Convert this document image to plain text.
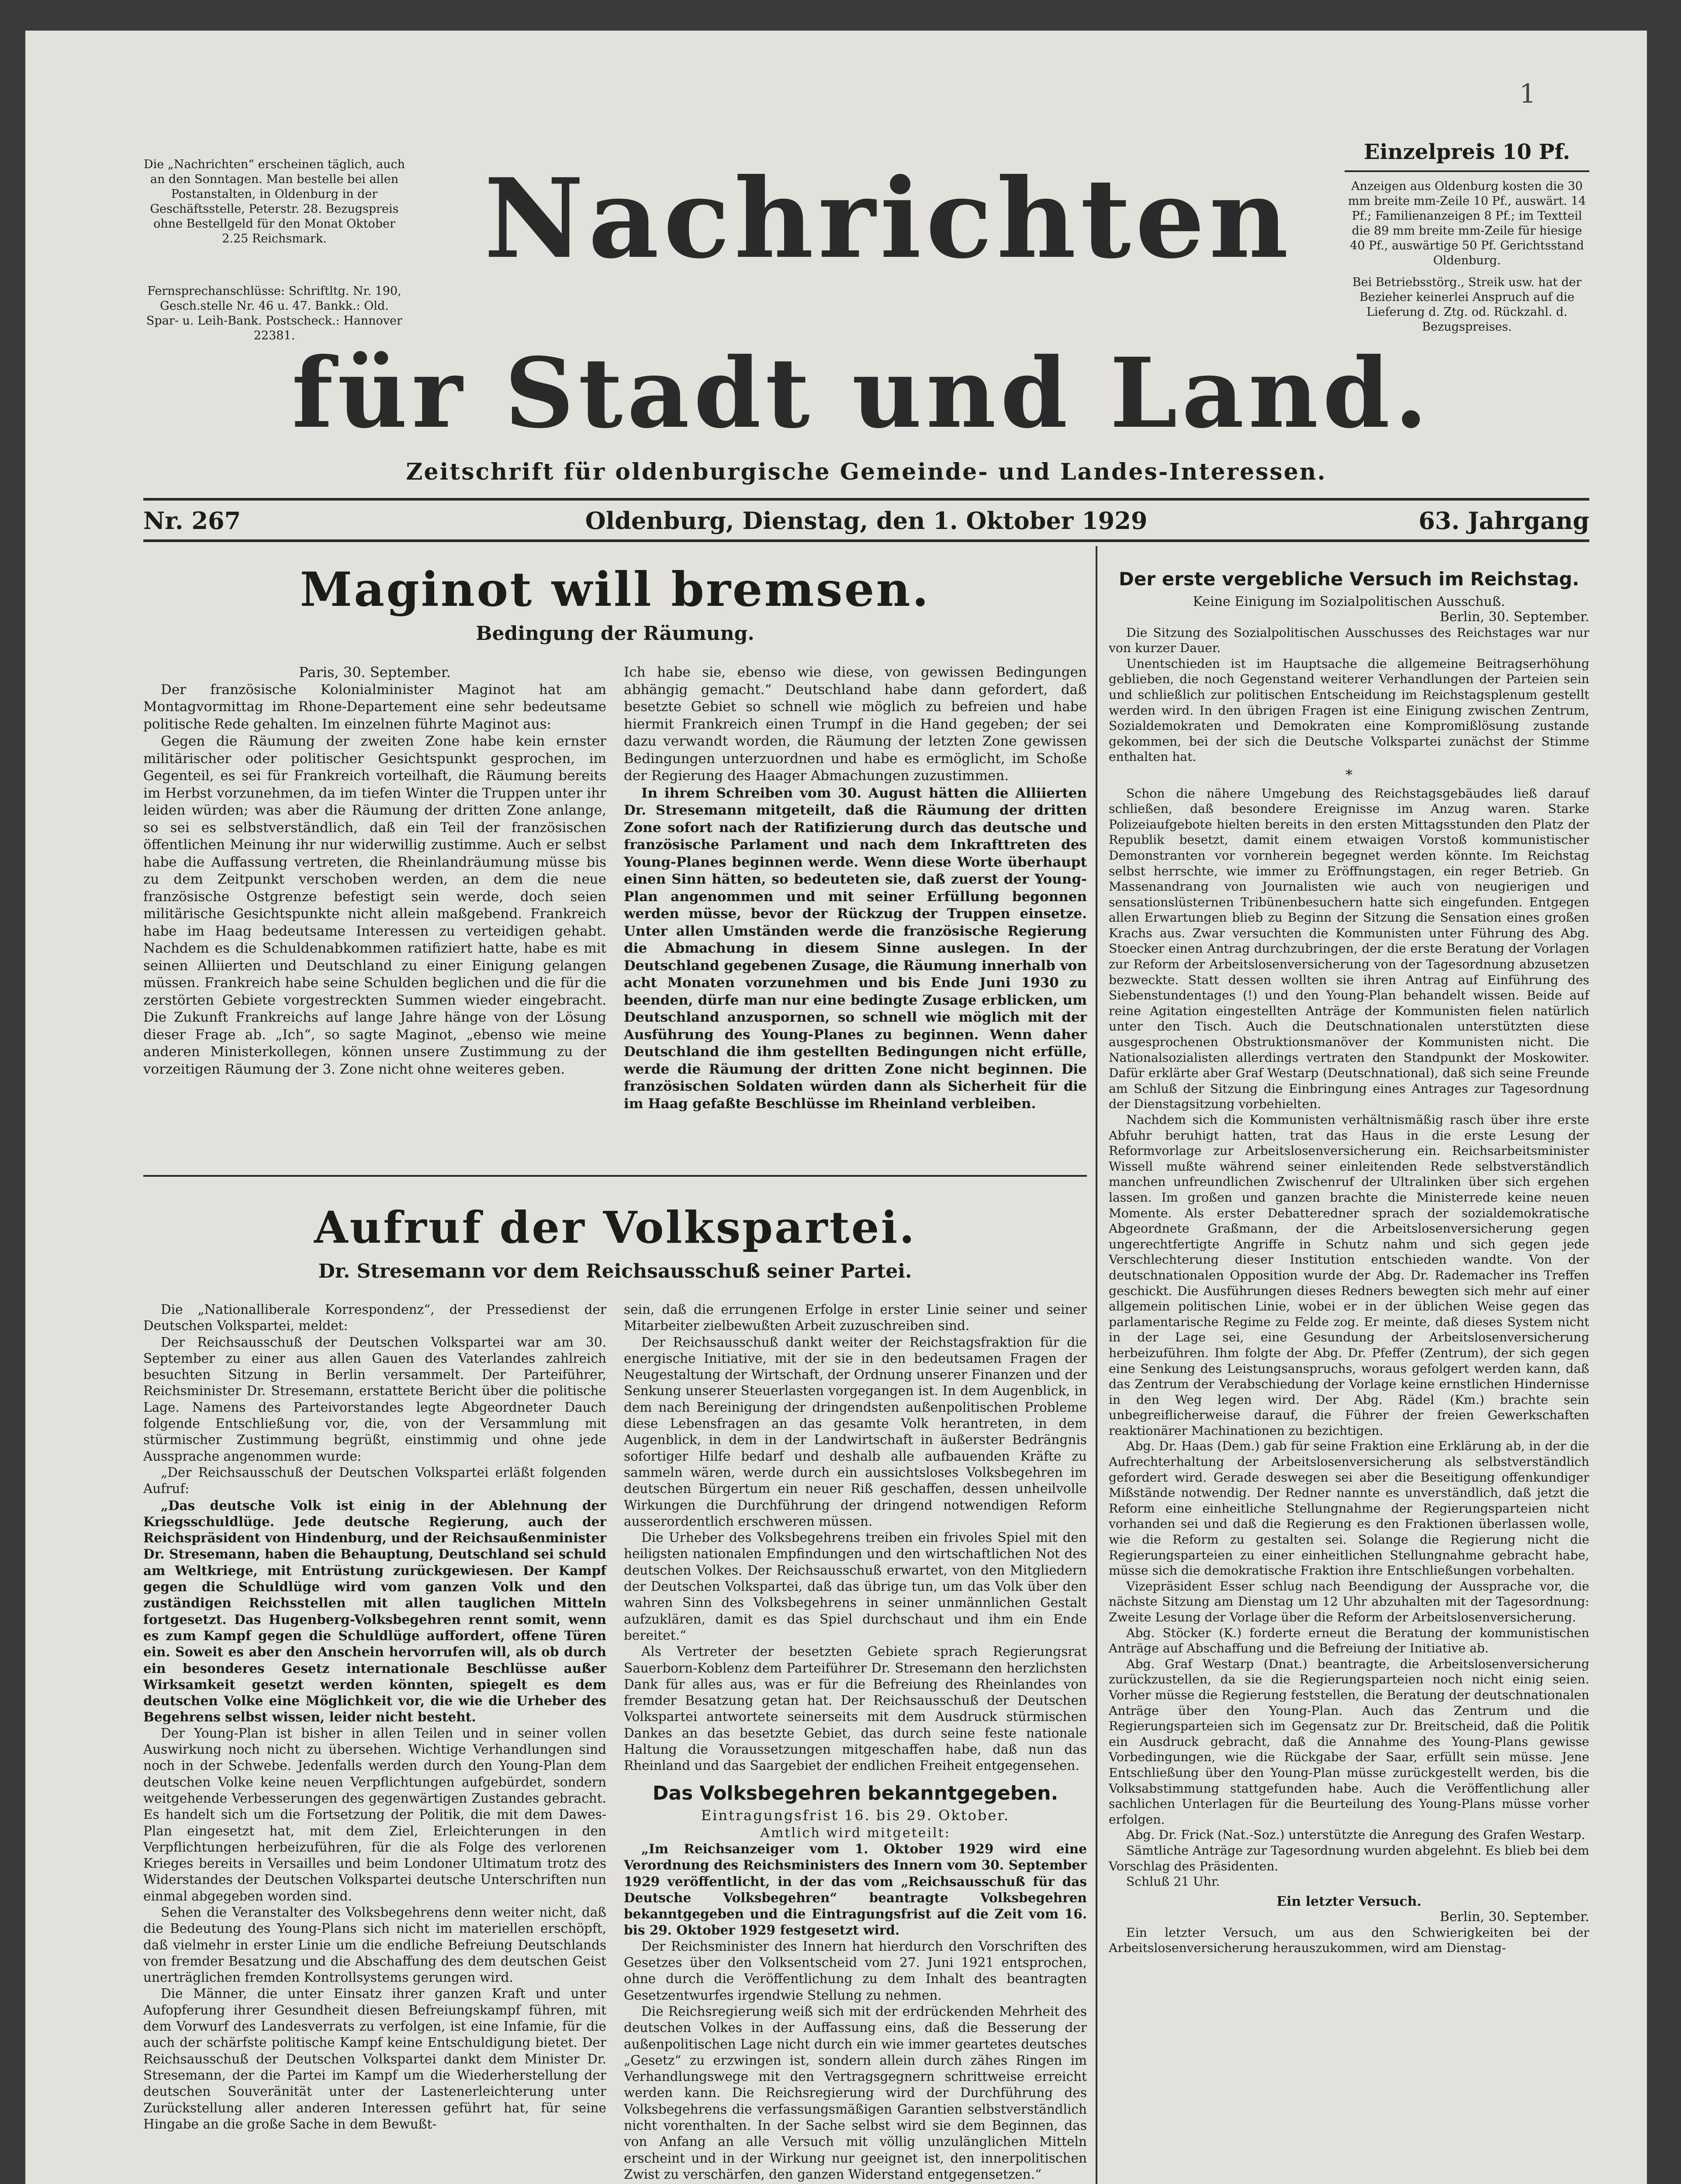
1
Die „Nachrichten“ erscheinen täglich, auch an den Sonntagen. Man bestelle bei allen Postanstalten, in Oldenburg in der Geschäftsstelle, Peterstr. 28. Bezugspreis ohne Bestellgeld für den Monat Oktober 2.25 Reichsmark.
Fernsprechanschlüsse: Schriftltg. Nr. 190, Gesch.stelle Nr. 46 u. 47. Bankk.: Old. Spar- u. Leih-Bank. Postscheck.: Hannover 22381.
Nachrichten
für Stadt und Land.
Zeitschrift für oldenburgische Gemeinde- und Landes-Interessen.
Einzelpreis 10 Pf.
Anzeigen aus Oldenburg kosten die 30 mm breite mm-Zeile 10 Pf., auswärt. 14 Pf.; Familienanzeigen 8 Pf.; im Textteil die 89 mm breite mm-Zeile für hiesige 40 Pf., auswärtige 50 Pf. Gerichtsstand Oldenburg.
Bei Betriebsstörg., Streik usw. hat der Bezieher keinerlei Anspruch auf die Lieferung d. Ztg. od. Rückzahl. d. Bezugspreises.
Nr. 267	Oldenburg, Dienstag, den 1. Oktober 1929	63. Jahrgang
Maginot will bremsen.
Bedingung der Räumung.
Paris, 30. September.

Der französische Kolonialminister Maginot hat am Montagvormittag im Rhone-Departement eine sehr bedeutsame politische Rede gehalten. Im einzelnen führte Maginot aus:

Gegen die Räumung der zweiten Zone habe kein ernster militärischer oder politischer Gesichtspunkt gesprochen, im Gegenteil, es sei für Frankreich vorteilhaft, die Räumung bereits im Herbst vorzunehmen, da im tiefen Winter die Truppen unter ihr leiden würden; was aber die Räumung der dritten Zone anlange, so sei es selbstverständlich, daß ein Teil der französischen öffentlichen Meinung ihr nur widerwillig zustimme. Auch er selbst habe die Auffassung vertreten, die Rheinlandräumung müsse bis zu dem Zeitpunkt verschoben werden, an dem die neue französische Ostgrenze befestigt sein werde, doch seien militärische Gesichtspunkte nicht allein maßgebend. Frankreich habe im Haag bedeutsame Interessen zu verteidigen gehabt. Nachdem es die Schuldenabkommen ratifiziert hatte, habe es mit seinen Alliierten und Deutschland zu einer Einigung gelangen müssen. Frankreich habe seine Schulden beglichen und die für die zerstörten Gebiete vorgestreckten Summen wieder eingebracht. Die Zukunft Frankreichs auf lange Jahre hänge von der Lösung dieser Frage ab. „Ich“, so sagte Maginot, „ebenso wie meine anderen Ministerkollegen, können unsere Zustimmung zu der vorzeitigen Räumung der 3. Zone nicht ohne weiteres geben.

Ich habe sie, ebenso wie diese, von gewissen Bedingungen abhängig gemacht.“ Deutschland habe dann gefordert, daß besetzte Gebiet so schnell wie möglich zu befreien und habe hiermit Frankreich einen Trumpf in die Hand gegeben; der sei dazu verwandt worden, die Räumung der letzten Zone gewissen Bedingungen unterzuordnen und habe es ermöglicht, im Schoße der Regierung des Haager Abmachungen zuzustimmen.

In ihrem Schreiben vom 30. August hätten die Alliierten Dr. Stresemann mitgeteilt, daß die Räumung der dritten Zone sofort nach der Ratifizierung durch das deutsche und französische Parlament und nach dem Inkrafttreten des Young-Planes beginnen werde. Wenn diese Worte überhaupt einen Sinn hätten, so bedeuteten sie, daß zuerst der Young-Plan angenommen und mit seiner Erfüllung begonnen werden müsse, bevor der Rückzug der Truppen einsetze. Unter allen Umständen werde die französische Regierung die Abmachung in diesem Sinne auslegen. In der Deutschland gegebenen Zusage, die Räumung innerhalb von acht Monaten vorzunehmen und bis Ende Juni 1930 zu beenden, dürfe man nur eine bedingte Zusage erblicken, um Deutschland anzuspornen, so schnell wie möglich mit der Ausführung des Young-Planes zu beginnen. Wenn daher Deutschland die ihm gestellten Bedingungen nicht erfülle, werde die Räumung der dritten Zone nicht beginnen. Die französischen Soldaten würden dann als Sicherheit für die im Haag gefaßte Beschlüsse im Rheinland verbleiben.

Aufruf der Volkspartei.
Dr. Stresemann vor dem Reichsausschuß seiner Partei.

Die „Nationalliberale Korrespondenz“, der Pressedienst der Deutschen Volkspartei, meldet:

Der Reichsausschuß der Deutschen Volkspartei war am 30. September zu einer aus allen Gauen des Vaterlandes zahlreich besuchten Sitzung in Berlin versammelt. Der Parteiführer, Reichsminister Dr. Stresemann, erstattete Bericht über die politische Lage. Namens des Parteivorstandes legte Abgeordneter Dauch folgende Entschließung vor, die, von der Versammlung mit stürmischer Zustimmung begrüßt, einstimmig und ohne jede Aussprache angenommen wurde:

„Der Reichsausschuß der Deutschen Volkspartei erläßt folgenden Aufruf:

„Das deutsche Volk ist einig in der Ablehnung der Kriegsschuldlüge. Jede deutsche Regierung, auch der Reichspräsident von Hindenburg, und der Reichsaußenminister Dr. Stresemann, haben die Behauptung, Deutschland sei schuld am Weltkriege, mit Entrüstung zurückgewiesen. Der Kampf gegen die Schuldlüge wird vom ganzen Volk und den zuständigen Reichsstellen mit allen tauglichen Mitteln fortgesetzt. Das Hugenberg-Volksbegehren rennt somit, wenn es zum Kampf gegen die Schuldlüge auffordert, offene Türen ein. Soweit es aber den Anschein hervorrufen will, als ob durch ein besonderes Gesetz internationale Beschlüsse außer Wirksamkeit gesetzt werden könnten, spiegelt es dem deutschen Volke eine Möglichkeit vor, die wie die Urheber des Begehrens selbst wissen, leider nicht besteht.

Der Young-Plan ist bisher in allen Teilen und in seiner vollen Auswirkung noch nicht zu übersehen. Wichtige Verhandlungen sind noch in der Schwebe. Jedenfalls werden durch den Young-Plan dem deutschen Volke keine neuen Verpflichtungen aufgebürdet, sondern weitgehende Verbesserungen des gegenwärtigen Zustandes gebracht. Es handelt sich um die Fortsetzung der Politik, die mit dem Dawes-Plan eingesetzt hat, mit dem Ziel, Erleichterungen in den Verpflichtungen herbeizuführen, für die als Folge des verlorenen Krieges bereits in Versailles und beim Londoner Ultimatum trotz des Widerstandes der Deutschen Volkspartei deutsche Unterschriften nun einmal abgegeben worden sind.

Sehen die Veranstalter des Volksbegehrens denn weiter nicht, daß die Bedeutung des Young-Plans sich nicht im materiellen erschöpft, daß vielmehr in erster Linie um die endliche Befreiung Deutschlands von fremder Besatzung und die Abschaffung des dem deutschen Geist unerträglichen fremden Kontrollsystems gerungen wird.

Die Männer, die unter Einsatz ihrer ganzen Kraft und unter Aufopferung ihrer Gesundheit diesen Befreiungskampf führen, mit dem Vorwurf des Landesverrats zu verfolgen, ist eine Infamie, für die auch der schärfste politische Kampf keine Entschuldigung bietet. Der Reichsausschuß der Deutschen Volkspartei dankt dem Minister Dr. Stresemann, der die Partei im Kampf um die Wiederherstellung der deutschen Souveränität unter der Lastenerleichterung unter Zurückstellung aller anderen Interessen geführt hat, für seine Hingabe an die große Sache in dem Bewußt-

sein, daß die errungenen Erfolge in erster Linie seiner und seiner Mitarbeiter zielbewußten Arbeit zuzuschreiben sind.

Der Reichsausschuß dankt weiter der Reichstagsfraktion für die energische Initiative, mit der sie in den bedeutsamen Fragen der Neugestaltung der Wirtschaft, der Ordnung unserer Finanzen und der Senkung unserer Steuerlasten vorgegangen ist. In dem Augenblick, in dem nach Bereinigung der dringendsten außenpolitischen Probleme diese Lebensfragen an das gesamte Volk herantreten, in dem Augenblick, in dem in der Landwirtschaft in äußerster Bedrängnis sofortiger Hilfe bedarf und deshalb alle aufbauenden Kräfte zu sammeln wären, werde durch ein aussichtsloses Volksbegehren im deutschen Bürgertum ein neuer Riß geschaffen, dessen unheilvolle Wirkungen die Durchführung der dringend notwendigen Reform ausserordentlich erschweren müssen.

Die Urheber des Volksbegehrens treiben ein frivoles Spiel mit den heiligsten nationalen Empfindungen und den wirtschaftlichen Not des deutschen Volkes. Der Reichsausschuß erwartet, von den Mitgliedern der Deutschen Volkspartei, daß das übrige tun, um das Volk über den wahren Sinn des Volksbegehrens in seiner unmännlichen Gestalt aufzuklären, damit es das Spiel durchschaut und ihm ein Ende bereitet.“

Als Vertreter der besetzten Gebiete sprach Regierungsrat Sauerborn-Koblenz dem Parteiführer Dr. Stresemann den herzlichsten Dank für alles aus, was er für die Befreiung des Rheinlandes von fremder Besatzung getan hat. Der Reichsausschuß der Deutschen Volkspartei antwortete seinerseits mit dem Ausdruck stürmischen Dankes an das besetzte Gebiet, das durch seine feste nationale Haltung die Voraussetzungen mitgeschaffen habe, daß nun das Rheinland und das Saargebiet der endlichen Freiheit entgegensehen.

Das Volksbegehren bekanntgegeben.
Eintragungsfrist 16. bis 29. Oktober.
Amtlich wird mitgeteilt:

„Im Reichsanzeiger vom 1. Oktober 1929 wird eine Verordnung des Reichsministers des Innern vom 30. September 1929 veröffentlicht, in der das vom „Reichsausschuß für das Deutsche Volksbegehren“ beantragte Volksbegehren bekanntgegeben und die Eintragungsfrist auf die Zeit vom 16. bis 29. Oktober 1929 festgesetzt wird.

Der Reichsminister des Innern hat hierdurch den Vorschriften des Gesetzes über den Volksentscheid vom 27. Juni 1921 entsprochen, ohne durch die Veröffentlichung zu dem Inhalt des beantragten Gesetzentwurfes irgendwie Stellung zu nehmen.

Die Reichsregierung weiß sich mit der erdrückenden Mehrheit des deutschen Volkes in der Auffassung eins, daß die Besserung der außenpolitischen Lage nicht durch ein wie immer geartetes deutsches „Gesetz“ zu erzwingen ist, sondern allein durch zähes Ringen im Verhandlungswege mit den Vertragsgegnern schrittweise erreicht werden kann. Die Reichsregierung wird der Durchführung des Volksbegehrens die verfassungsmäßigen Garantien selbstverständlich nicht vorenthalten. In der Sache selbst wird sie dem Beginnen, das von Anfang an alle Versuch mit völlig unzulänglichen Mitteln erscheint und in der Wirkung nur geeignet ist, den innerpolitischen Zwist zu verschärfen, den ganzen Widerstand entgegensetzen.“

Der erste vergebliche Versuch im Reichstag.
Keine Einigung im Sozialpolitischen Ausschuß.
Berlin, 30. September.

Die Sitzung des Sozialpolitischen Ausschusses des Reichstages war nur von kurzer Dauer.

Unentschieden ist im Hauptsache die allgemeine Beitragserhöhung geblieben, die noch Gegenstand weiterer Verhandlungen der Parteien sein und schließlich zur politischen Entscheidung im Reichstagsplenum gestellt werden wird. In den übrigen Fragen ist eine Einigung zwischen Zentrum, Sozialdemokraten und Demokraten eine Kompromißlösung zustande gekommen, bei der sich die Deutsche Volkspartei zunächst der Stimme enthalten hat.

*

Schon die nähere Umgebung des Reichstagsgebäudes ließ darauf schließen, daß besondere Ereignisse im Anzug waren. Starke Polizeiaufgebote hielten bereits in den ersten Mittagsstunden den Platz der Republik besetzt, damit einem etwaigen Vorstoß kommunistischer Demonstranten vor vornherein begegnet werden könnte. Im Reichstag selbst herrschte, wie immer zu Eröffnungstagen, ein reger Betrieb. Gn Massenandrang von Journalisten wie auch von neugierigen und sensationslüsternen Tribünenbesuchern hatte sich eingefunden. Entgegen allen Erwartungen blieb zu Beginn der Sitzung die Sensation eines großen Krachs aus. Zwar versuchten die Kommunisten unter Führung des Abg. Stoecker einen Antrag durchzubringen, der die erste Beratung der Vorlagen zur Reform der Arbeitslosenversicherung von der Tagesordnung abzusetzen bezweckte. Statt dessen wollten sie ihren Antrag auf Einführung des Siebenstundentages (!) und den Young-Plan behandelt wissen. Beide auf reine Agitation eingestellten Anträge der Kommunisten fielen natürlich unter den Tisch. Auch die Deutschnationalen unterstützten diese ausgesprochenen Obstruktionsmanöver der Kommunisten nicht. Die Nationalsozialisten allerdings vertraten den Standpunkt der Moskowiter. Dafür erklärte aber Graf Westarp (Deutschnational), daß sich seine Freunde am Schluß der Sitzung die Einbringung eines Antrages zur Tagesordnung der Dienstagsitzung vorbehielten.

Nachdem sich die Kommunisten verhältnismäßig rasch über ihre erste Abfuhr beruhigt hatten, trat das Haus in die erste Lesung der Reformvorlage zur Arbeitslosenversicherung ein. Reichsarbeitsminister Wissell mußte während seiner einleitenden Rede selbstverständlich manchen unfreundlichen Zwischenruf der Ultralinken über sich ergehen lassen. Im großen und ganzen brachte die Ministerrede keine neuen Momente. Als erster Debatteredner sprach der sozialdemokratische Abgeordnete Graßmann, der die Arbeitslosenversicherung gegen ungerechtfertigte Angriffe in Schutz nahm und sich gegen jede Verschlechterung dieser Institution entschieden wandte. Von der deutschnationalen Opposition wurde der Abg. Dr. Rademacher ins Treffen geschickt. Die Ausführungen dieses Redners bewegten sich mehr auf einer allgemein politischen Linie, wobei er in der üblichen Weise gegen das parlamentarische Regime zu Felde zog. Er meinte, daß dieses System nicht in der Lage sei, eine Gesundung der Arbeitslosenversicherung herbeizuführen. Ihm folgte der Abg. Dr. Pfeffer (Zentrum), der sich gegen eine Senkung des Leistungsanspruchs, woraus gefolgert werden kann, daß das Zentrum der Verabschiedung der Vorlage keine ernstlichen Hindernisse in den Weg legen wird. Der Abg. Rädel (Km.) brachte sein unbegreiflicherweise darauf, die Führer der freien Gewerkschaften reaktionärer Machinationen zu bezichtigen.

Abg. Dr. Haas (Dem.) gab für seine Fraktion eine Erklärung ab, in der die Aufrechterhaltung der Arbeitslosenversicherung als selbstverständlich gefordert wird. Gerade deswegen sei aber die Beseitigung offenkundiger Mißstände notwendig. Der Redner nannte es unverständlich, daß jetzt die Reform eine einheitliche Stellungnahme der Regierungsparteien nicht vorhanden sei und daß die Regierung es den Fraktionen überlassen wolle, wie die Reform zu gestalten sei. Solange die Regierung nicht die Regierungsparteien zu einer einheitlichen Stellungnahme gebracht habe, müsse sich die demokratische Fraktion ihre Entschließungen vorbehalten.

Vizepräsident Esser schlug nach Beendigung der Aussprache vor, die nächste Sitzung am Dienstag um 12 Uhr abzuhalten mit der Tagesordnung: Zweite Lesung der Vorlage über die Reform der Arbeitslosenversicherung.

Abg. Stöcker (K.) forderte erneut die Beratung der kommunistischen Anträge auf Abschaffung und die Befreiung der Initiative ab.

Abg. Graf Westarp (Dnat.) beantragte, die Arbeitslosenversicherung zurückzustellen, da sie die Regierungsparteien noch nicht einig seien. Vorher müsse die Regierung feststellen, die Beratung der deutschnationalen Anträge über den Young-Plan. Auch das Zentrum und die Regierungsparteien sich im Gegensatz zur Dr. Breitscheid, daß die Politik ein Ausdruck gebracht, daß die Annahme des Young-Plans gewisse Vorbedingungen, wie die Rückgabe der Saar, erfüllt sein müsse. Jene Entschließung über den Young-Plan müsse zurückgestellt werden, bis die Volksabstimmung stattgefunden habe. Auch die Veröffentlichung aller sachlichen Unterlagen für die Beurteilung des Young-Plans müsse vorher erfolgen.

Abg. Dr. Frick (Nat.-Soz.) unterstützte die Anregung des Grafen Westarp.

Sämtliche Anträge zur Tagesordnung wurden abgelehnt. Es blieb bei dem Vorschlag des Präsidenten.

Schluß 21 Uhr.

Ein letzter Versuch.
Berlin, 30. September.

Ein letzter Versuch, um aus den Schwierigkeiten bei der Arbeitslosenversicherung herauszukommen, wird am Dienstag-
